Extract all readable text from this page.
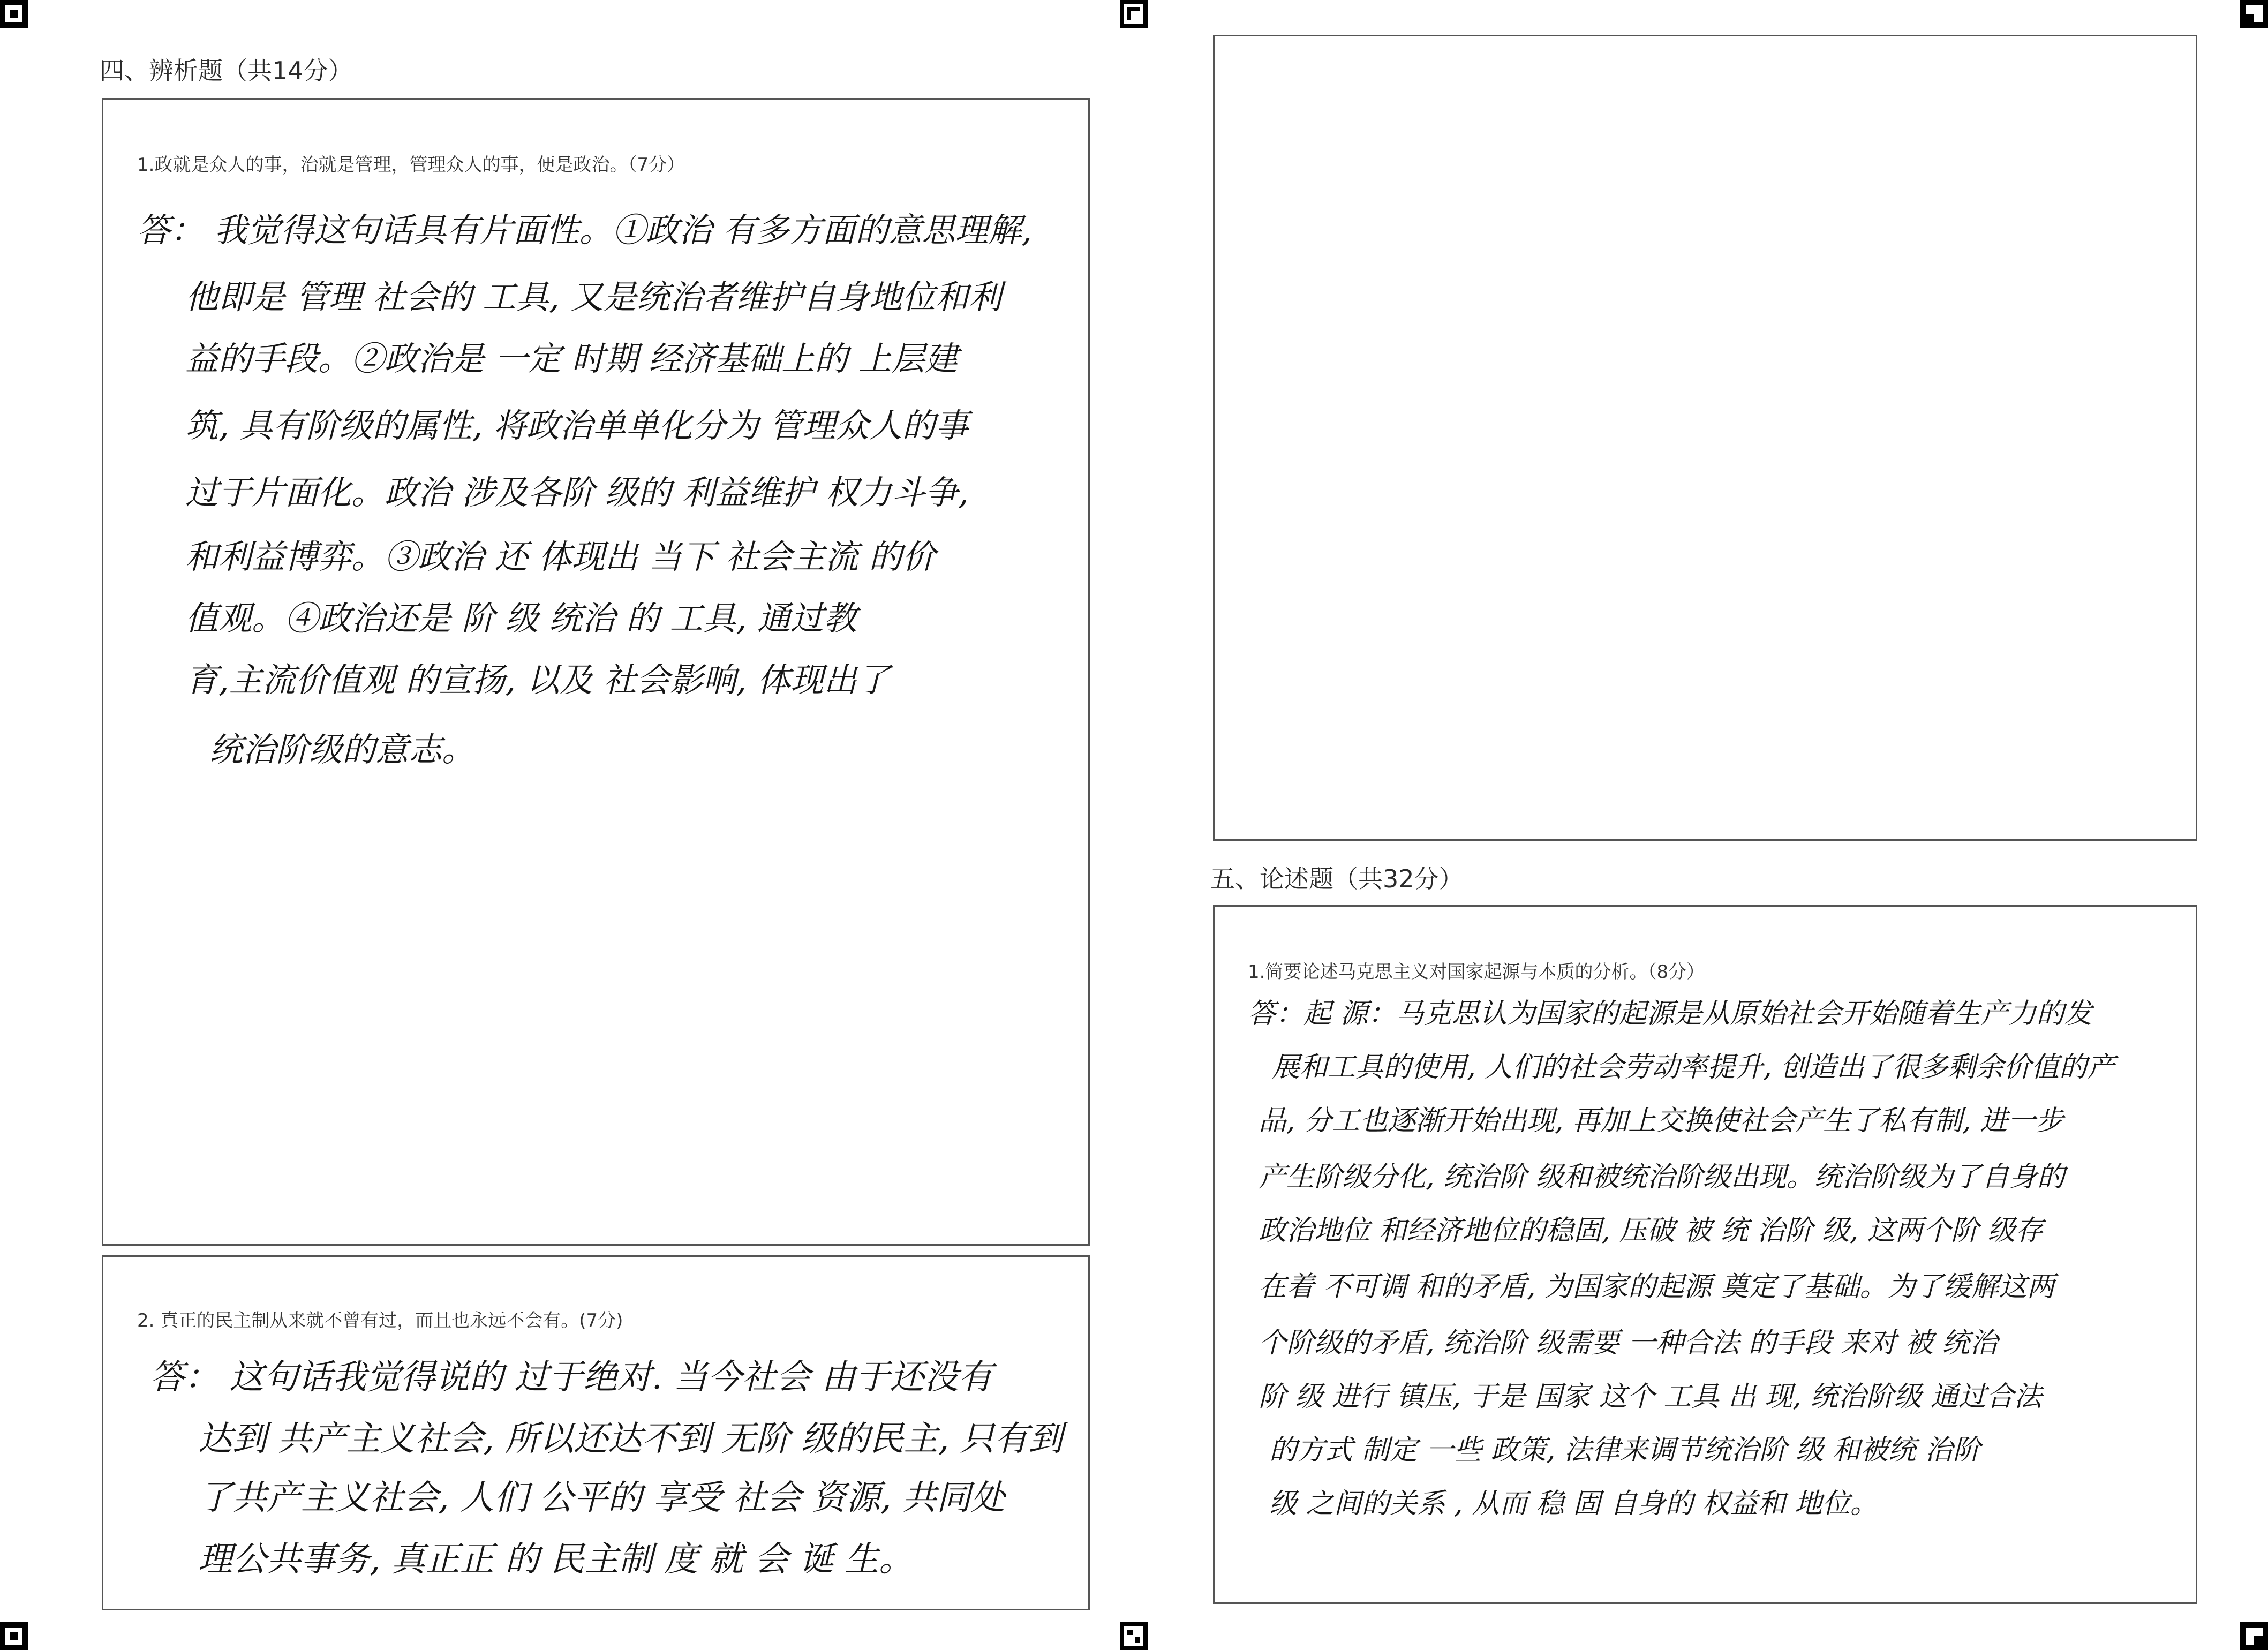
四、辨析题（共14分）
1.政就是众人的事，治就是管理，管理众人的事，便是政治。（7分）
答： 我觉得这句话具有片面性。①政治 有多方面的意思理解,
他即是 管理 社会的 工具, 又是统治者维护自身地位和利
益的手段。②政治是 一定 时期 经济基础上的 上层建
筑, 具有阶级的属性, 将政治单单化分为 管理众人的事
过于片面化。政治 涉及各阶 级的 利益维护 权力斗争,
和利益博弈。③政治 还 体现出 当下 社会主流 的价
值观。④政治还是 阶 级 统治 的 工具, 通过教
育,主流价值观 的宣扬, 以及 社会影响, 体现出了
统治阶级的意志。
2. 真正的民主制从来就不曾有过，而且也永远不会有。(7分)
答： 这句话我觉得说的 过于绝对. 当今社会 由于还没有
达到 共产主义社会, 所以还达不到 无阶 级的民主, 只有到
了共产主义社会, 人们 公平的 享受 社会 资源, 共同处
理公共事务, 真正正 的 民主制 度 就 会 诞 生。
五、论述题（共32分）
1.简要论述马克思主义对国家起源与本质的分析。（8分）
答：起 源：马克思认为国家的起源是从原始社会开始随着生产力的发
展和工具的使用, 人们的社会劳动率提升, 创造出了很多剩余价值的产
品, 分工也逐渐开始出现, 再加上交换使社会产生了私有制, 进一步
产生阶级分化, 统治阶 级和被统治阶级出现。统治阶级为了自身的
政治地位 和经济地位的稳固, 压破 被 统 治阶 级, 这两个阶 级存
在着 不可调 和的矛盾, 为国家的起源 奠定了基础。为了缓解这两
个阶级的矛盾, 统治阶 级需要 一种合法 的手段 来对 被 统治
阶 级 进行 镇压, 于是 国家 这个 工具 出 现, 统治阶级 通过合法
的方式 制定 一些 政策, 法律来调节统治阶 级 和被统 治阶
级 之间的关系 , 从而 稳 固 自身的 权益和 地位。
